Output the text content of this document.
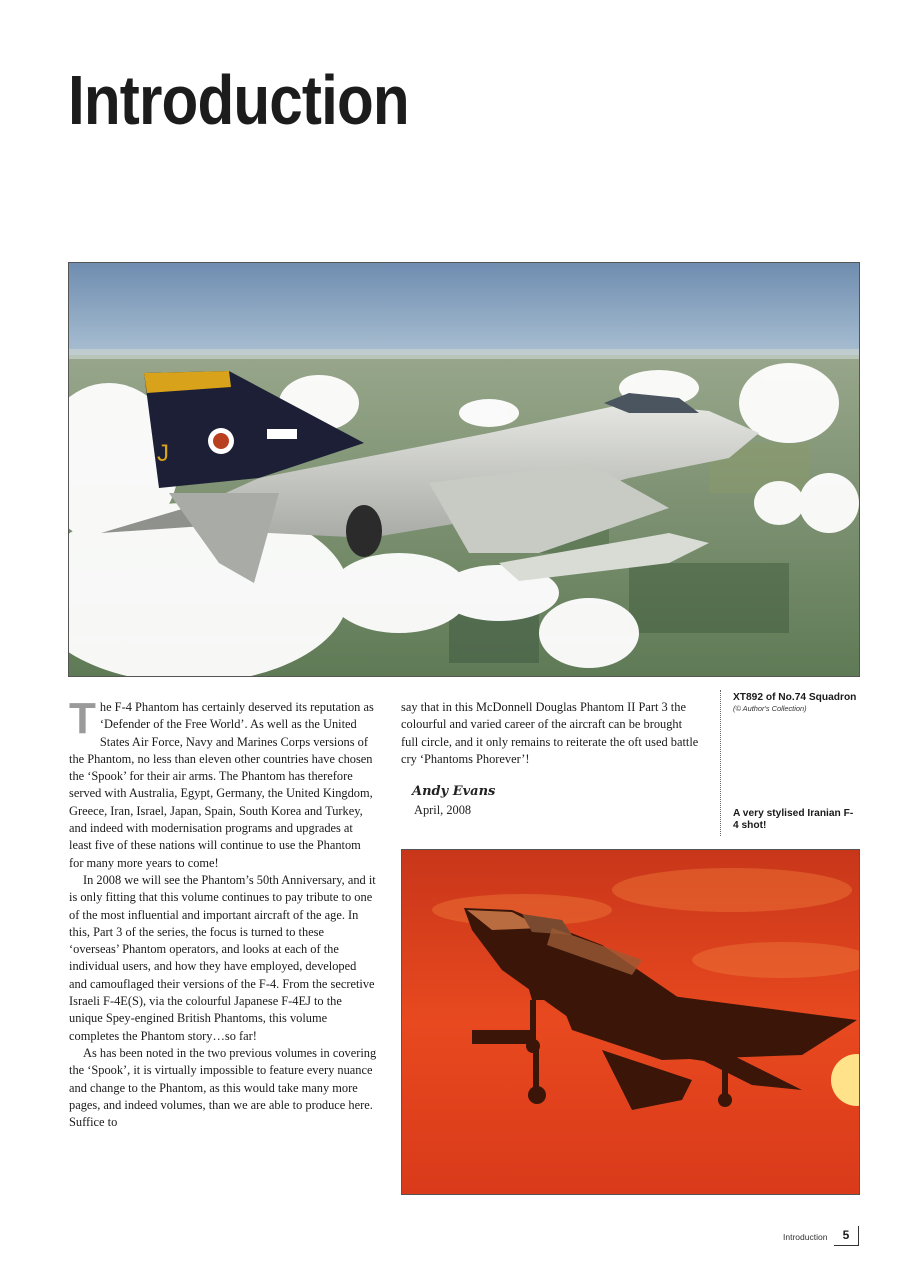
Introduction
J

T he F-4 Phantom has certainly deserved its reputation as ‘Defender of the Free World’. As well as the United States Air Force, Navy and Marines Corps versions of the Phantom, no less than eleven other countries have chosen the ‘Spook’ for their air arms. The Phantom has therefore served with Australia, Egypt, Germany, the United Kingdom, Greece, Iran, Israel, Japan, Spain, South Korea and Turkey, and indeed with modernisation programs and upgrades at least five of these nations will continue to use the Phantom for many more years to come!

In 2008 we will see the Phantom’s 50th Anniversary, and it is only fitting that this volume continues to pay tribute to one of the most influential and important aircraft of the age. In this, Part 3 of the series, the focus is turned to these ‘overseas’ Phantom operators, and looks at each of the individual users, and how they have employed, developed and camouflaged their versions of the F-4. From the secretive Israeli F-4E(S), via the colourful Japanese F-4EJ to the unique Spey-engined British Phantoms, this volume completes the Phantom story…so far!

As has been noted in the two previous volumes in covering the ‘Spook’, it is virtually impossible to feature every nuance and change to the Phantom, as this would take many more pages, and indeed volumes, than we are able to produce here. Suffice to

say that in this McDonnell Douglas Phantom II Part 3 the colourful and varied career of the aircraft can be brought full circle, and it only remains to reiterate the oft used battle cry ‘Phantoms Phorever’!

Andy Evans
April, 2008
XT892 of No.74 Squadron
(© Author's Collection)
A very stylised Iranian F-4 shot!
Introduction	5
